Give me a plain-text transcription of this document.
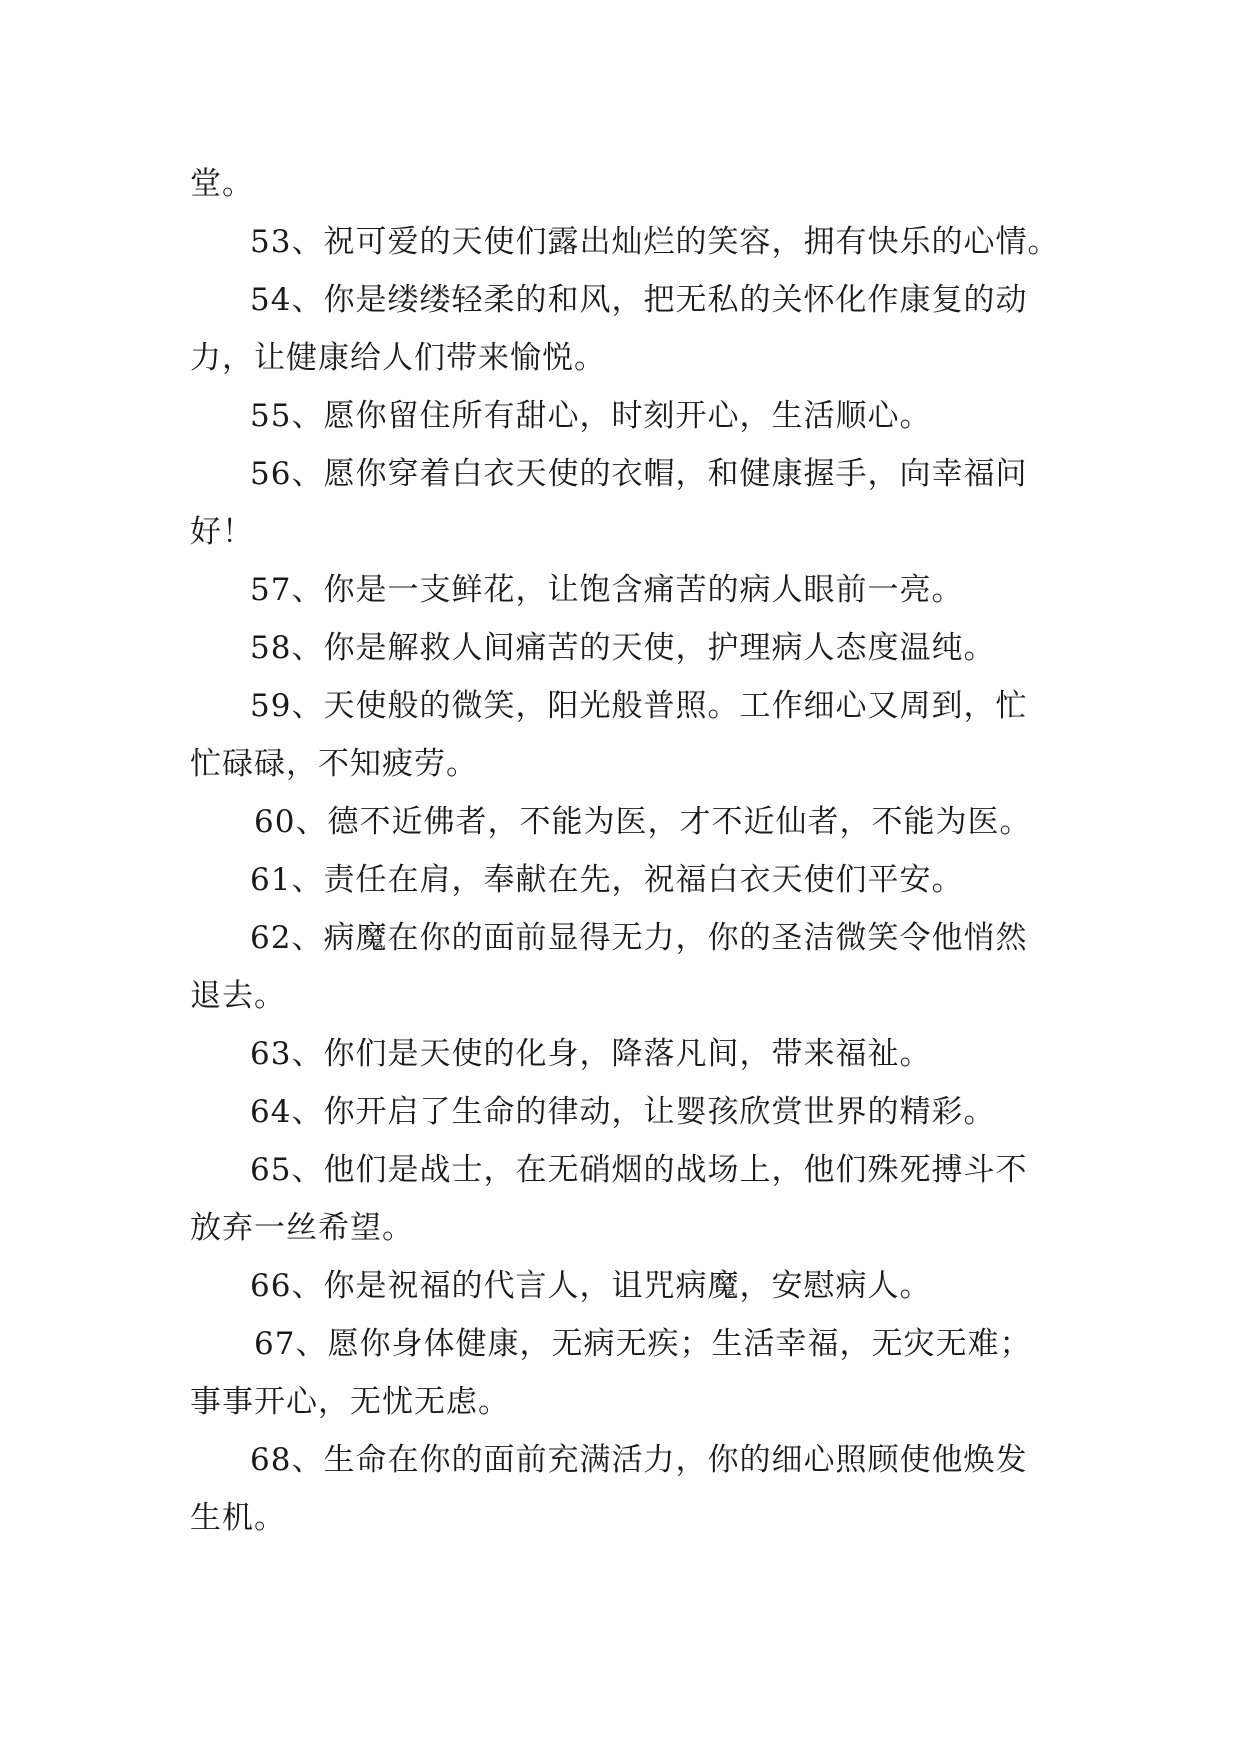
堂。
53、祝可爱的天使们露出灿烂的笑容，拥有快乐的心情。
54、你是缕缕轻柔的和风，把无私的关怀化作康复的动
力，让健康给人们带来愉悦。
55、愿你留住所有甜心，时刻开心，生活顺心。
56、愿你穿着白衣天使的衣帽，和健康握手，向幸福问
好！
57、你是一支鲜花，让饱含痛苦的病人眼前一亮。
58、你是解救人间痛苦的天使，护理病人态度温纯。
59、天使般的微笑，阳光般普照。工作细心又周到，忙
忙碌碌，不知疲劳。
60、德不近佛者，不能为医，才不近仙者，不能为医。
61、责任在肩，奉献在先，祝福白衣天使们平安。
62、病魔在你的面前显得无力，你的圣洁微笑令他悄然
退去。
63、你们是天使的化身，降落凡间，带来福祉。
64、你开启了生命的律动，让婴孩欣赏世界的精彩。
65、他们是战士，在无硝烟的战场上，他们殊死搏斗不
放弃一丝希望。
66、你是祝福的代言人，诅咒病魔，安慰病人。
67、愿你身体健康，无病无疾；生活幸福，无灾无难；
事事开心，无忧无虑。
68、生命在你的面前充满活力，你的细心照顾使他焕发
生机。
